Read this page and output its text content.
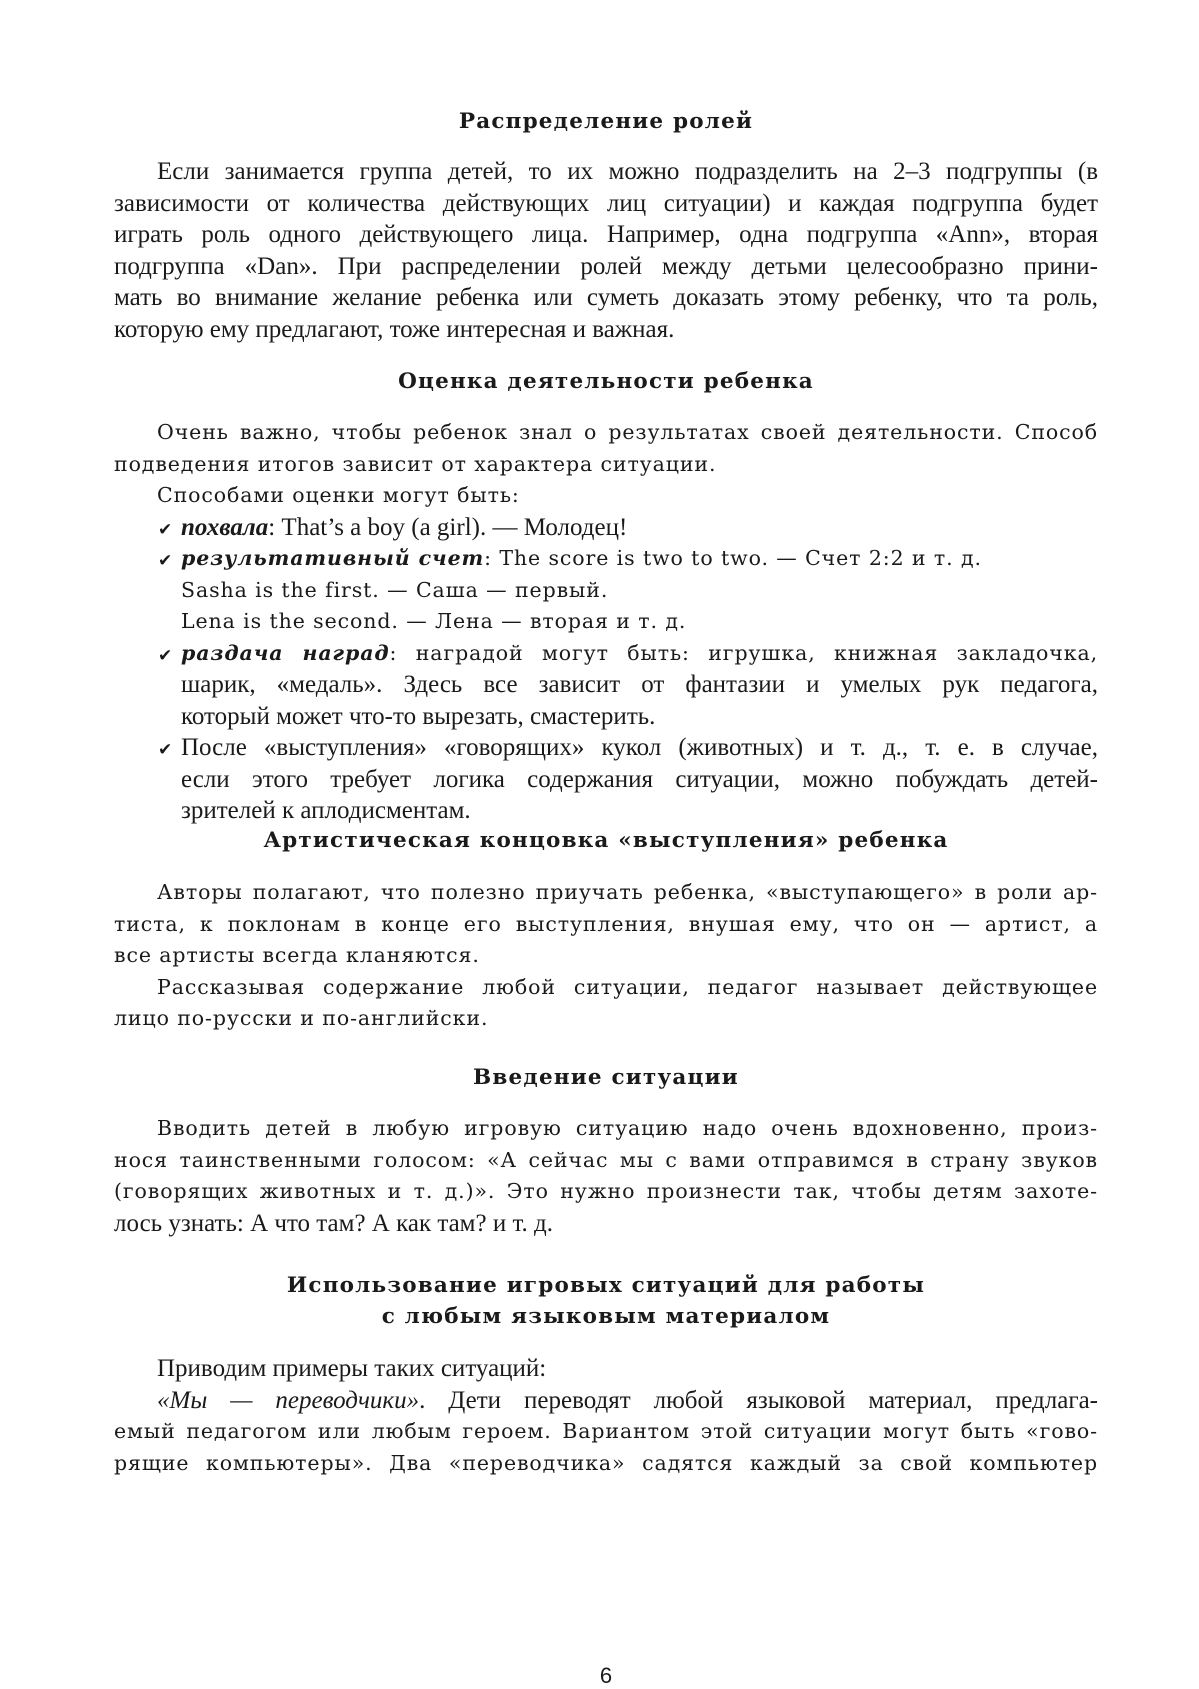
Распределение ролей
Если занимается группа детей, то их можно подразделить на 2–3 подгруппы (в
зависимости от количества действующих лиц ситуации) и каждая подгруппа будет
играть роль одного действующего лица. Например, одна подгруппа «Ann», вторая
подгруппа «Dan». При распределении ролей между детьми целесообразно прини-
мать во внимание желание ребенка или суметь доказать этому ребенку, что та роль,
которую ему предлагают, тоже интересная и важная.
Оценка деятельности ребенка
Очень важно, чтобы ребенок знал о результатах своей деятельности. Способ
подведения итогов зависит от характера ситуации.
Способами оценки могут быть:
✔ похвала: That’s a boy (a girl). — Молодец!
✔ результативный счет: The score is two to two. — Счет 2:2 и т. д.
Sasha is the first. — Саша — первый.
Lena is the second. — Лена — вторая и т. д.
✔ раздача наград: наградой могут быть: игрушка, книжная закладочка,
шарик, «медаль». Здесь все зависит от фантазии и умелых рук педагога,
который может что-то вырезать, смастерить.
✔ После «выступления» «говорящих» кукол (животных) и т. д., т. е. в случае,
если этого требует логика содержания ситуации, можно побуждать детей-
зрителей к аплодисментам.
Артистическая концовка «выступления» ребенка
Авторы полагают, что полезно приучать ребенка, «выступающего» в роли ар-
тиста, к поклонам в конце его выступления, внушая ему, что он — артист, а
все артисты всегда кланяются.
Рассказывая содержание любой ситуации, педагог называет действующее
лицо по-русски и по-английски.
Введение ситуации
Вводить детей в любую игровую ситуацию надо очень вдохновенно, произ-
нося таинственными голосом: «А сейчас мы с вами отправимся в страну звуков
(говорящих животных и т. д.)». Это нужно произнести так, чтобы детям захоте-
лось узнать: А что там? А как там? и т. д.
Использование игровых ситуаций для работы
с любым языковым материалом
Приводим примеры таких ситуаций:
«Мы — переводчики». Дети переводят любой языковой материал, предлага-
емый педагогом или любым героем. Вариантом этой ситуации могут быть «гово-
рящие компьютеры». Два «переводчика» садятся каждый за свой компьютер
6
